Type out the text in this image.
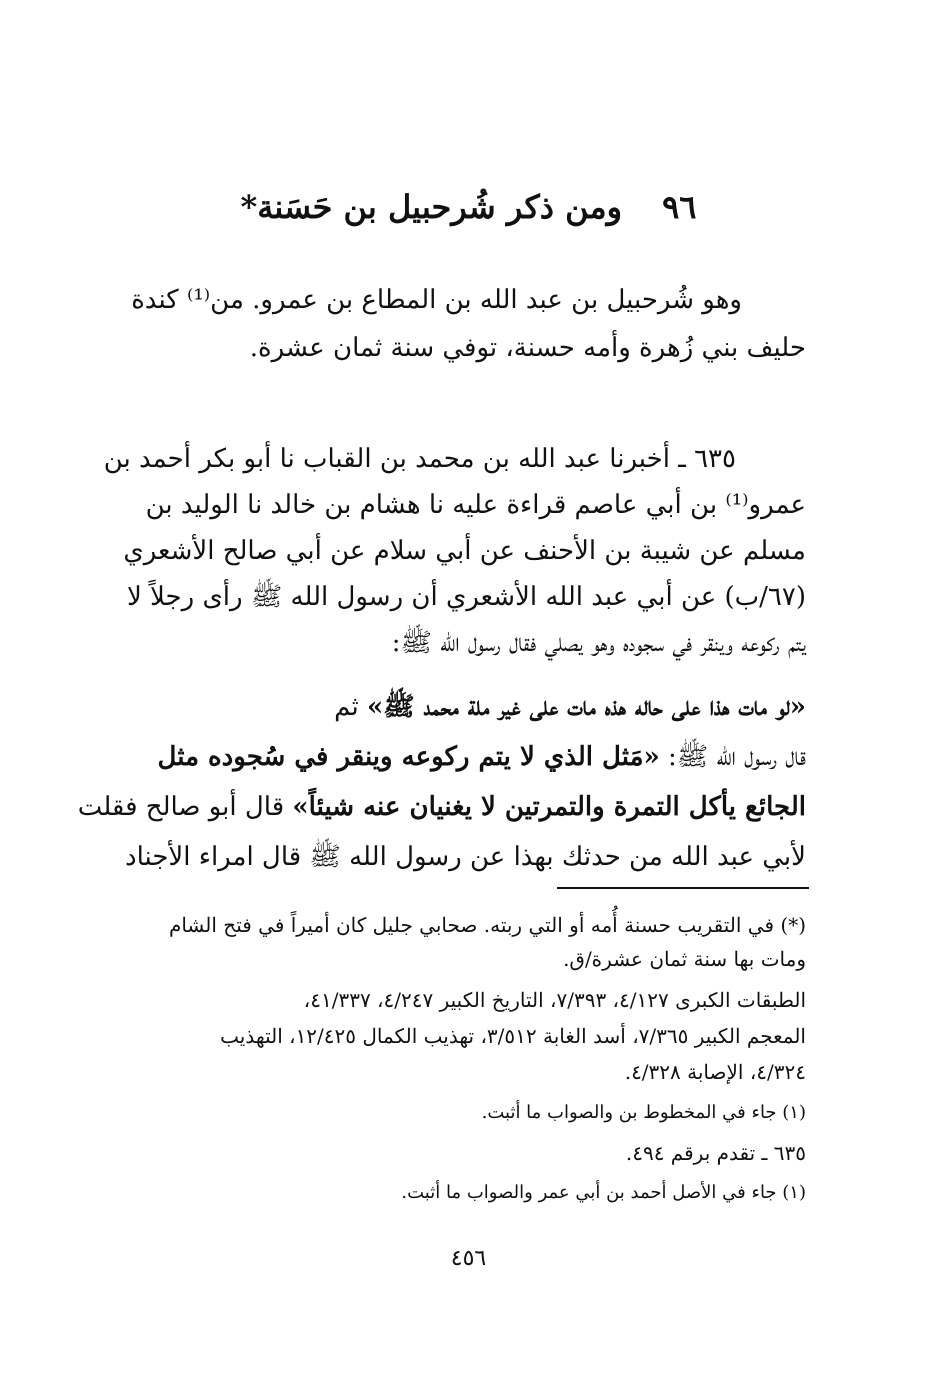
٩٦ومن ذكر شُرحبيل بن حَسَنة*
وهو شُرحبيل بن عبد الله بن المطاع بن عمرو. من⁽¹⁾ كندة
حليف بني زُهرة وأمه حسنة، توفي سنة ثمان عشرة.
٦٣٥ ـ أخبرنا عبد الله بن محمد بن القباب نا أبو بكر أحمد بن
عمرو⁽¹⁾ بن أبي عاصم قراءة عليه نا هشام بن خالد نا الوليد بن
مسلم عن شيبة بن الأحنف عن أبي سلام عن أبي صالح الأشعري
(٦٧/ب) عن أبي عبد الله الأشعري أن رسول الله ﷺ رأى رجلاً لا
يتم ركوعه وينقر في سجوده وهو يصلي فقال رسول الله ﷺ:
«لو مات هذا على حاله هذه مات على غير ملة محمد ﷺ» ثم
قال رسول الله ﷺ: «مَثل الذي لا يتم ركوعه وينقر في سُجوده مثل
الجائع يأكل التمرة والتمرتين لا يغنيان عنه شيئاً» قال أبو صالح فقلت
لأبي عبد الله من حدثك بهذا عن رسول الله ﷺ قال امراء الأجناد
(*) في التقريب حسنة أُمه أو التي ربته. صحابي جليل كان أميراً في فتح الشام ومات بها سنة ثمان عشرة/ق.
الطبقات الكبرى ٤/١٢٧، ٧/٣٩٣، التاريخ الكبير ٤/٢٤٧، ٤١/٣٣٧،
المعجم الكبير ٧/٣٦٥، أسد الغابة ٣/٥١٢، تهذيب الكمال ١٢/٤٢٥، التهذيب
٤/٣٢٤، الإصابة ٤/٣٢٨.
(١) جاء في المخطوط بن والصواب ما أثبت.
٦٣٥ ـ تقدم برقم ٤٩٤.
(١) جاء في الأصل أحمد بن أبي عمر والصواب ما أثبت.
٤٥٦
